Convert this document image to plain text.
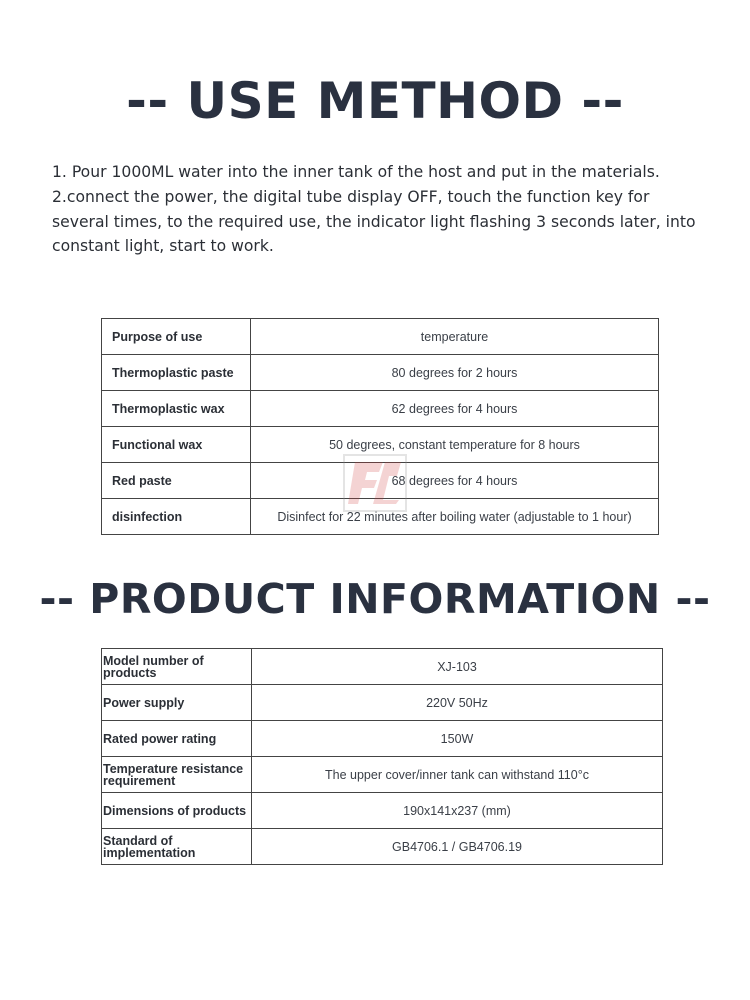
-- USE METHOD --
1. Pour 1000ML water into the inner tank of the host and put in the materials.
2.connect the power, the digital tube display OFF, touch the function key for several times, to the required use, the indicator light flashing 3 seconds later, into constant light, start to work.
Purpose of use	temperature
Thermoplastic paste	80 degrees for 2 hours
Thermoplastic wax	62 degrees for 4 hours
Functional wax	50 degrees, constant temperature for 8 hours
Red paste	68 degrees for 4 hours
disinfection	Disinfect for 22 minutes after boiling water (adjustable to 1 hour)
-- PRODUCT INFORMATION --
Model number of products	XJ-103
Power supply	220V 50Hz
Rated power rating	150W
Temperature resistance requirement	The upper cover/inner tank can withstand 110°c
Dimensions of products	190x141x237 (mm)
Standard of implementation	GB4706.1 / GB4706.19
